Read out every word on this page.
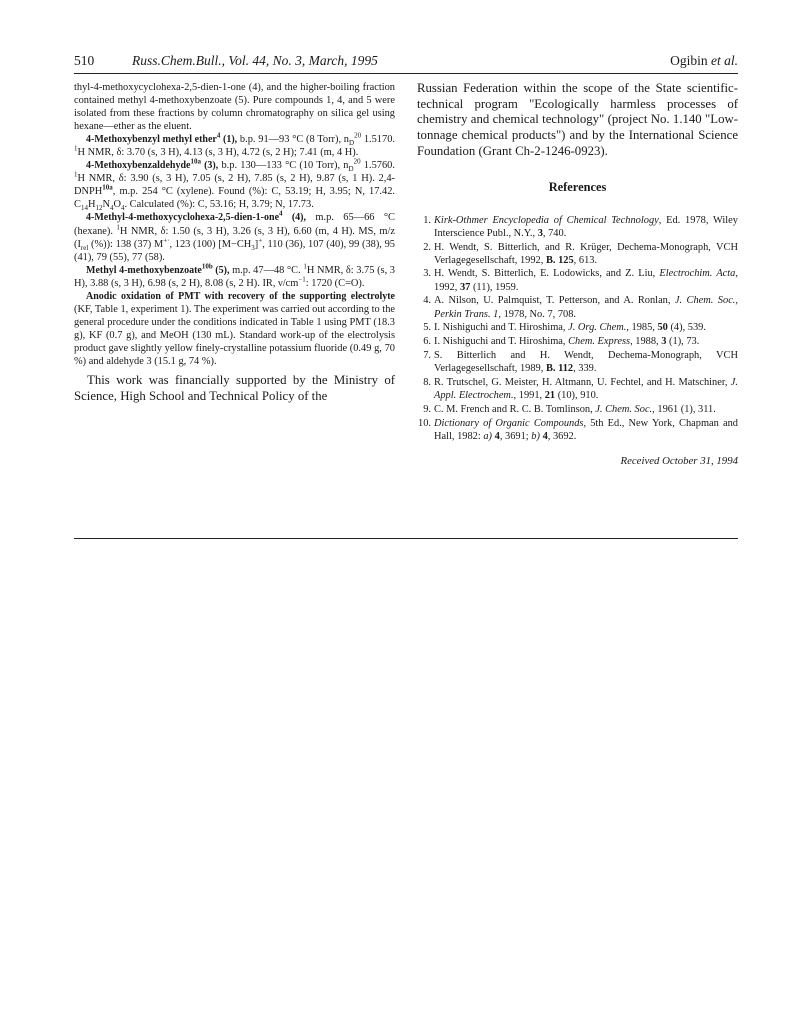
510	Russ.Chem.Bull., Vol. 44, No. 3, March, 1995	Ogibin et al.

thyl-4-methoxycyclohexa-2,5-dien-1-one (4), and the higher-boiling fraction contained methyl 4-methoxybenzoate (5). Pure compounds 1, 4, and 5 were isolated from these fractions by column chromatography on silica gel using hexane—ether as the eluent.

4-Methoxybenzyl methyl ether$^4$ (1), b.p. 91—93 °C (8 Torr), $n_D^{20}$ 1.5170. $^1$H NMR, δ: 3.70 (s, 3 H), 4.13 (s, 3 H), 4.72 (s, 2 H); 7.41 (m, 4 H).

4-Methoxybenzaldehyde$^{10a}$ (3), b.p. 130—133 °C (10 Torr), $n_D^{20}$ 1.5760. $^1$H NMR, δ: 3.90 (s, 3 H), 7.05 (s, 2 H), 7.85 (s, 2 H), 9.87 (s, 1 H). $2,4-DNPH^{10a}$, m.p. 254 °C (xylene). Found (%): C, 53.19; H, 3.95; N, 17.42. $C_{14}H_{12}N_4O_4$. Calculated (%): C, 53.16; H, 3.79; N, 17.73.

4-Methyl-4-methoxycyclohexa-2,5-dien-1-one$^4$ (4), m.p. 65—66 °C (hexane). $^1$H NMR, δ: 1.50 (s, 3 H), 3.26 (s, 3 H), 6.60 (m, 4 H). MS, m/z ($I_{rel}$ (%)): 138 (37) M+·, 123 (100) $[M-CH_3]^+$, 110 (36), 107 (40), 99 (38), 95 (41), 79 (55), 77 (58).

Methyl 4-methoxybenzoate$^{10b}$ (5), m.p. 47—48 °C. $^1$H NMR, δ: 3.75 (s, 3 H), 3.88 (s, 3 H), 6.98 (s, 2 H), 8.08 (s, 2 H). IR, $\nu/cm^{-1}$: 1720 (C=O).

Anodic oxidation of PMT with recovery of the supporting electrolyte (KF, Table 1, experiment 1). The experiment was carried out according to the general procedure under the conditions indicated in Table 1 using PMT (18.3 g), KF (0.7 g), and MeOH (130 mL). Standard work-up of the electrolysis product gave slightly yellow finely-crystalline potassium fluoride (0.49 g, 70 %) and aldehyde 3 (15.1 g, 74 %).

This work was financially supported by the Ministry of Science, High School and Technical Policy of the

Russian Federation within the scope of the State scientific-technical program "Ecologically harmless processes of chemistry and chemical technology" (project No. 1.140 "Low-tonnage chemical products") and by the International Science Foundation (Grant Ch-2-1246-0923).

References
1. Kirk-Othmer Encyclopedia of Chemical Technology, Ed. 1978, Wiley Interscience Publ., N.Y., 3, 740.
2. H. Wendt, S. Bitterlich, and R. Krüger, Dechema-Monograph, VCH Verlagegesellschaft, 1992, B. 125, 613.
3. H. Wendt, S. Bitterlich, E. Lodowicks, and Z. Liu, Electrochim. Acta, 1992, 37 (11), 1959.
4. A. Nilson, U. Palmquist, T. Petterson, and A. Ronlan, J. Chem. Soc., Perkin Trans. 1, 1978, No. 7, 708.
5. I. Nishiguchi and T. Hiroshima, J. Org. Chem., 1985, 50 (4), 539.
6. I. Nishiguchi and T. Hiroshima, Chem. Express, 1988, 3 (1), 73.
7. S. Bitterlich and H. Wendt, Dechema-Monograph, VCH Verlagegesellschaft, 1989, B. 112, 339.
8. R. Trutschel, G. Meister, H. Altmann, U. Fechtel, and H. Matschiner, J. Appl. Electrochem., 1991, 21 (10), 910.
9. C. M. French and R. C. B. Tomlinson, J. Chem. Soc., 1961 (1), 311.
10. Dictionary of Organic Compounds, 5th Ed., New York, Chapman and Hall, 1982: a) 4, 3691; b) 4, 3692.
Received October 31, 1994
